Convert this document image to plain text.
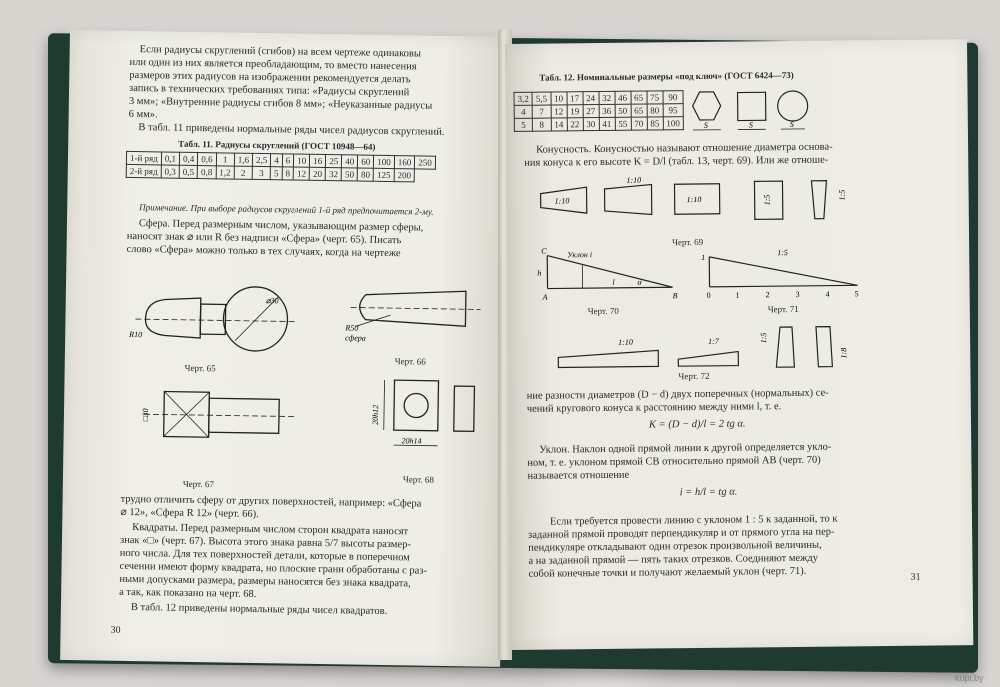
Если радиусы скруглений (сгибов) на всем чертеже одинаковы
или один из них является преобладающим, то вместо нанесения
размеров этих радиусов на изображении рекомендуется делать
запись в технических требованиях типа: «Радиусы скруглений
3 мм»; «Внутренние радиусы сгибов 8 мм»; «Неуказанные радиусы
6 мм».
В табл. 11 приведены нормальные ряды чисел радиусов скруглений.
Табл. 11. Радиусы скруглений (ГОСТ 10948—64)
1-й ряд	0,1	0,4	0,6	1	1,6	2,5	4	6	10	16	25	40	60	100	160	250
2-й ряд	0,3	0,5	0,8	1,2	2	3	5	8	12	20	32	50	80	125	200	
Примечание. При выборе радиусов скруглений 1-й ряд предпочитается 2-му.
Сфера. Перед размерным числом, указывающим размер сферы,
наносят знак ⌀ или R без надписи «Сфера» (черт. 65). Писать
слово «Сфера» можно только в тех случаях, когда на чертеже
R10
⌀30
Черт. 65
R50
сфера
Черт. 66
□30
Черт. 67
20h12
20h14
Черт. 68
трудно отличить сферу от других поверхностей, например: «Сфера
⌀ 12», «Сфера R 12» (черт. 66).
Квадраты. Перед размерным числом сторон квадрата наносят
знак «□» (черт. 67). Высота этого знака равна 5/7 высоты размер-
ного числа. Для тех поверхностей детали, которые в поперечном
сечении имеют форму квадрата, но плоские грани обработаны с раз-
ными допусками размера, размеры наносятся без знака квадрата,
а так, как показано на черт. 68.
В табл. 12 приведены нормальные ряды чисел квадратов.
30
Табл. 12. Номинальные размеры «под ключ» (ГОСТ 6424—73)
3,2	5,5	10	17	24	32	46	65	75	90
4	7	12	19	27	36	50	65	80	95
5	8	14	22	30	41	55	70	85	100	S	S	S
Конусность. Конусностью называют отношение диаметра основа-
ния конуса к его высоте K = D/l (табл. 13, черт. 69). Или же отноше-
1:10
1:10
1:10	1:5	1:5
Черт. 69
C	Уклон i
h
l	α
A	B
Черт. 70
1
1:5
0	1	2	3	4	5
Черт. 71
1:10	1:7	1:5
1:8
Черт. 72
ние разности диаметров (D − d) двух поперечных (нормальных) се-
чений кругового конуса к расстоянию между ними l, т. е.
K = (D − d)/l = 2 tg α.
Уклон. Наклон одной прямой линии к другой определяется укло-
ном, т. е. уклоном прямой CB относительно прямой AB (черт. 70)
называется отношение
i = h/l = tg α.
Если требуется провести линию с уклоном 1 : 5 к заданной, то к
заданной прямой проводят перпендикуляр и от прямого угла на пер-
пендикуляре откладывают один отрезок произвольной величины,
а на заданной прямой — пять таких отрезков. Соединяют между
собой конечные точки и получают желаемый уклон (черт. 71).	31
kupi.by
